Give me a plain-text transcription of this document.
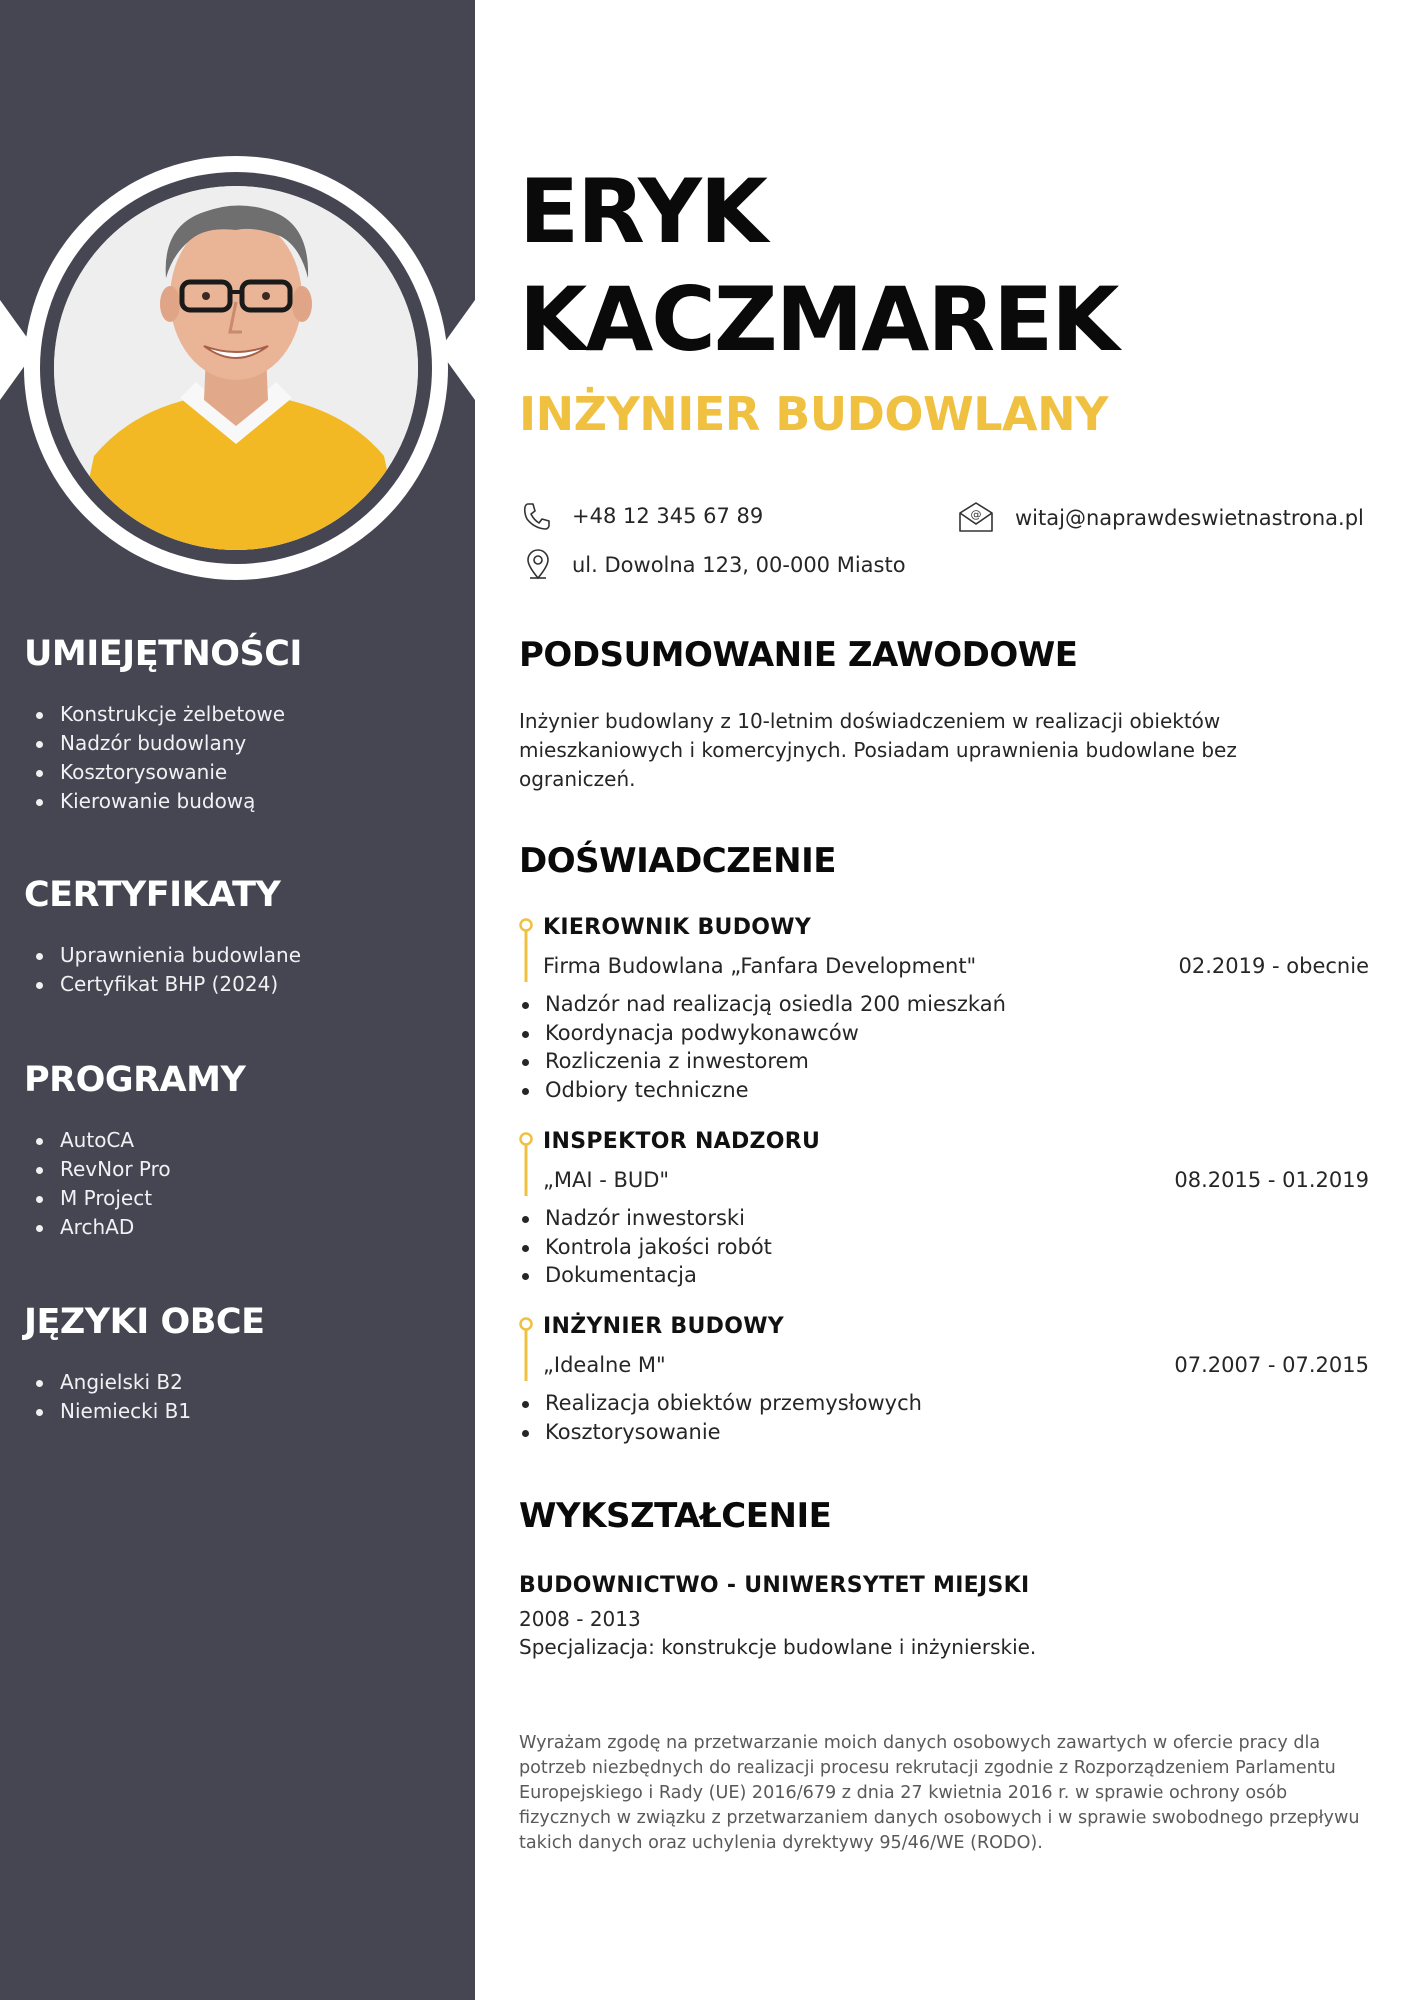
UMIEJĘTNOŚCI
Konstrukcje żelbetowe
Nadzór budowlany
Kosztorysowanie
Kierowanie budową
CERTYFIKATY
Uprawnienia budowlane
Certyfikat BHP (2024)
PROGRAMY
AutoCA
RevNor Pro
M Project
ArchAD
JĘZYKI OBCE
Angielski B2
Niemiecki B1
ERYK
KACZMAREK
INŻYNIER BUDOWLANY
+48 12 345 67 89	@ witaj@naprawdeswietnastrona.pl
ul. Dowolna 123, 00-000 Miasto
PODSUMOWANIE ZAWODOWE
Inżynier budowlany z 10-letnim doświadczeniem w realizacji obiektów mieszkaniowych i komercyjnych. Posiadam uprawnienia budowlane bez ograniczeń.
DOŚWIADCZENIE
KIEROWNIK BUDOWY
Firma Budowlana „Fanfara Development"	02.2019 - obecnie
Nadzór nad realizacją osiedla 200 mieszkań
Koordynacja podwykonawców
Rozliczenia z inwestorem
Odbiory techniczne
INSPEKTOR NADZORU
„MAI - BUD"	08.2015 - 01.2019
Nadzór inwestorski
Kontrola jakości robót
Dokumentacja
INŻYNIER BUDOWY
„Idealne M"	07.2007 - 07.2015
Realizacja obiektów przemysłowych
Kosztorysowanie
WYKSZTAŁCENIE
BUDOWNICTWO - UNIWERSYTET MIEJSKI
2008 - 2013
Specjalizacja: konstrukcje budowlane i inżynierskie.
Wyrażam zgodę na przetwarzanie moich danych osobowych zawartych w ofercie pracy dla potrzeb niezbędnych do realizacji procesu rekrutacji zgodnie z Rozporządzeniem Parlamentu Europejskiego i Rady (UE) 2016/679 z dnia 27 kwietnia 2016 r. w sprawie ochrony osób fizycznych w związku z przetwarzaniem danych osobowych i w sprawie swobodnego przepływu takich danych oraz uchylenia dyrektywy 95/46/WE (RODO).
